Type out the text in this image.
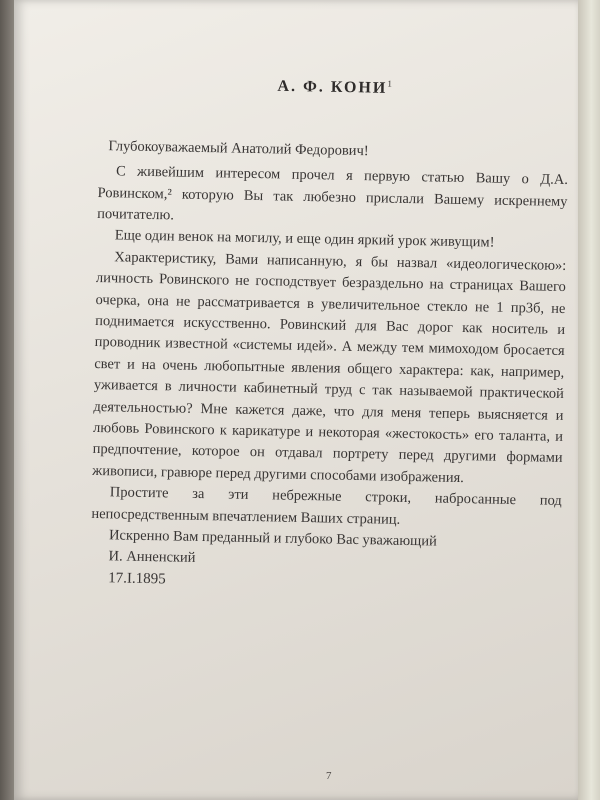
А. Ф. КОНИ$^1$
Глубокоуважаемый Анатолий Федорович!

С живейшим интересом прочел я первую статью Вашу о Д.А. Ровинском,² которую Вы так любезно прислали Вашему искреннему почитателю.

Еще один венок на могилу, и еще один яркий урок живущим!

Характеристику, Вами написанную, я бы назвал «идеологическою»: личность Ровинского не господствует безраздельно на страницах Вашего очерка, она не рассматривается в увеличительное стекло не 1 пр3б, не поднимается искусственно. Ровинский для Вас дорог как носитель и проводник известной «системы идей». А между тем мимоходом бросается свет и на очень любопытные явления общего характера: как, например, уживается в личности кабинетный труд с так называемой практической деятельностью? Мне кажется даже, что для меня теперь выясняется и любовь Ровинского к карикатуре и некоторая «жестокость» его таланта, и предпочтение, которое он отдавал портрету перед другими формами живописи, гравюре перед другими способами изображения.

Простите за эти небрежные строки, набросанные под непосредственным впечатлением Ваших страниц.

Искренно Вам преданный и глубоко Вас уважающий

И. Анненский

17.I.1895

7
